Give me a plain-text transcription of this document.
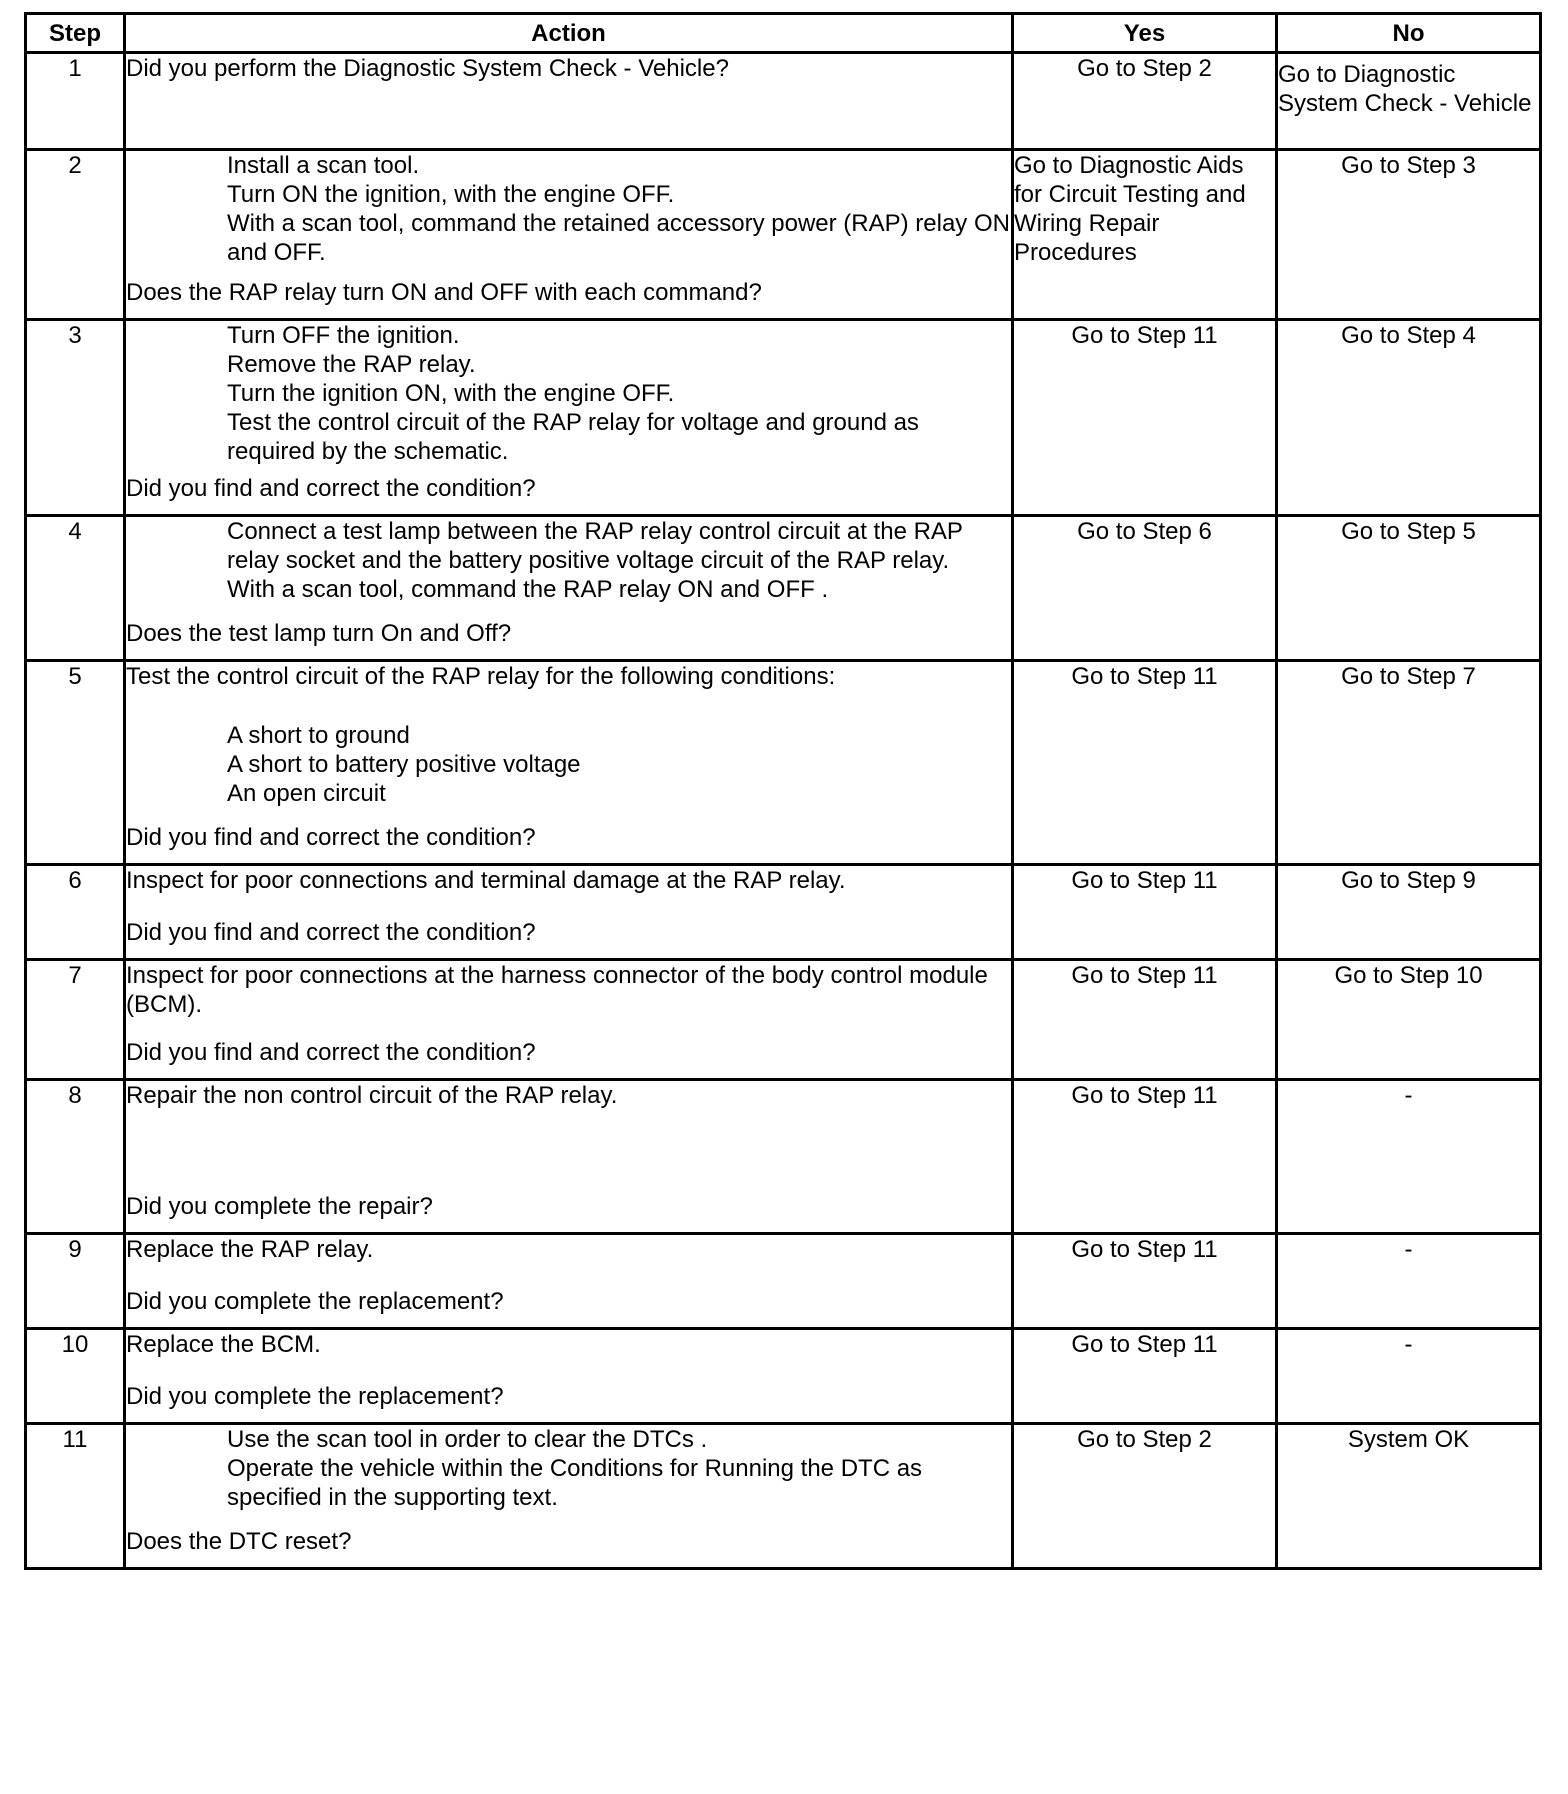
Step	Action	Yes	No
1	Did you perform the Diagnostic System Check - Vehicle?	Go to Step 2	Go to Diagnostic System Check - Vehicle
2	Install a scan tool.
Turn ON the ignition, with the engine OFF.
With a scan tool, command the retained accessory power (RAP) relay ON and OFF.
Does the RAP relay turn ON and OFF with each command?	Go to Diagnostic Aids for Circuit Testing and Wiring Repair Procedures	Go to Step 3
3	Turn OFF the ignition.
Remove the RAP relay.
Turn the ignition ON, with the engine OFF.
Test the control circuit of the RAP relay for voltage and ground as required by the schematic.
Did you find and correct the condition?	Go to Step 11	Go to Step 4
4	Connect a test lamp between the RAP relay control circuit at the RAP relay socket and the battery positive voltage circuit of the RAP relay.
With a scan tool, command the RAP relay ON and OFF .
Does the test lamp turn On and Off?	Go to Step 6	Go to Step 5
5	Test the control circuit of the RAP relay for the following conditions:
A short to ground
A short to battery positive voltage
An open circuit
Did you find and correct the condition?	Go to Step 11	Go to Step 7
6	Inspect for poor connections and terminal damage at the RAP relay.
Did you find and correct the condition?	Go to Step 11	Go to Step 9
7	Inspect for poor connections at the harness connector of the body control module (BCM).
Did you find and correct the condition?	Go to Step 11	Go to Step 10
8	Repair the non control circuit of the RAP relay.
Did you complete the repair?	Go to Step 11	-
9	Replace the RAP relay.
Did you complete the replacement?	Go to Step 11	-
10	Replace the BCM.
Did you complete the replacement?	Go to Step 11	-
11	Use the scan tool in order to clear the DTCs .
Operate the vehicle within the Conditions for Running the DTC as specified in the supporting text.
Does the DTC reset?	Go to Step 2	System OK
